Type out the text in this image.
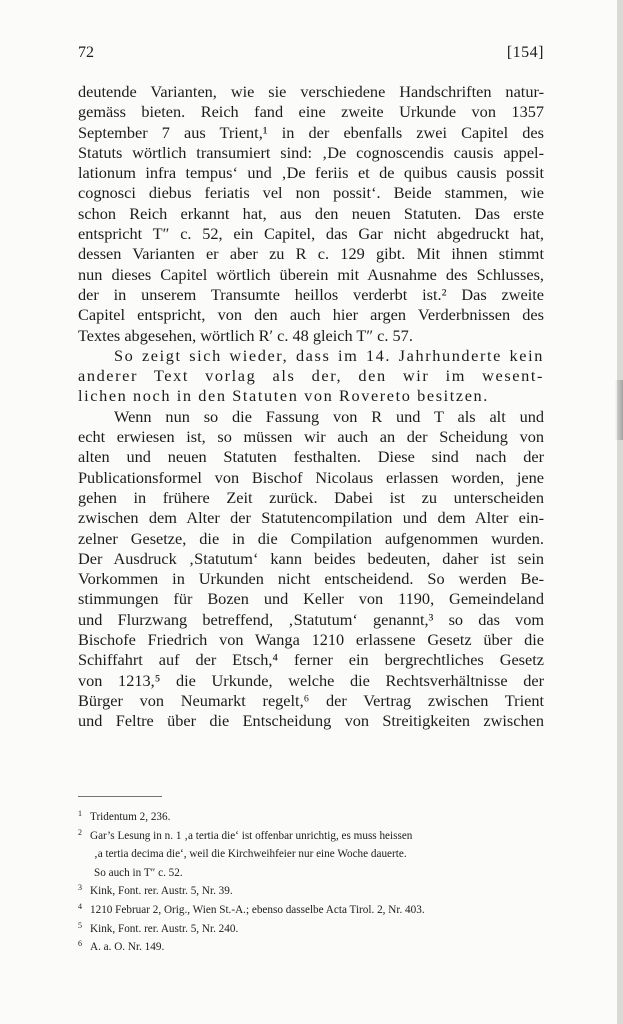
72	[154]
deutende Varianten, wie sie verschiedene Handschriften natur-
gemäss bieten. Reich fand eine zweite Urkunde von 1357
September 7 aus Trient,¹ in der ebenfalls zwei Capitel des
Statuts wörtlich transumiert sind: ‚De cognoscendis causis appel-
lationum infra tempus‘ und ‚De feriis et de quibus causis possit
cognosci diebus feriatis vel non possit‘. Beide stammen, wie
schon Reich erkannt hat, aus den neuen Statuten. Das erste
entspricht T″ c. 52, ein Capitel, das Gar nicht abgedruckt hat,
dessen Varianten er aber zu R c. 129 gibt. Mit ihnen stimmt
nun dieses Capitel wörtlich überein mit Ausnahme des Schlusses,
der in unserem Transumte heillos verderbt ist.² Das zweite
Capitel entspricht, von den auch hier argen Verderbnissen des
Textes abgesehen, wörtlich R′ c. 48 gleich T″ c. 57.
So zeigt sich wieder, dass im 14. Jahrhunderte kein
anderer Text vorlag als der, den wir im wesent-
lichen noch in den Statuten von Rovereto besitzen.
Wenn nun so die Fassung von R und T als alt und
echt erwiesen ist, so müssen wir auch an der Scheidung von
alten und neuen Statuten festhalten. Diese sind nach der
Publicationsformel von Bischof Nicolaus erlassen worden, jene
gehen in frühere Zeit zurück. Dabei ist zu unterscheiden
zwischen dem Alter der Statutencompilation und dem Alter ein-
zelner Gesetze, die in die Compilation aufgenommen wurden.
Der Ausdruck ‚Statutum‘ kann beides bedeuten, daher ist sein
Vorkommen in Urkunden nicht entscheidend. So werden Be-
stimmungen für Bozen und Keller von 1190, Gemeindeland
und Flurzwang betreffend, ‚Statutum‘ genannt,³ so das vom
Bischofe Friedrich von Wanga 1210 erlassene Gesetz über die
Schiffahrt auf der Etsch,⁴ ferner ein bergrechtliches Gesetz
von 1213,⁵ die Urkunde, welche die Rechtsverhältnisse der
Bürger von Neumarkt regelt,⁶ der Vertrag zwischen Trient
und Feltre über die Entscheidung von Streitigkeiten zwischen
1 Tridentum 2, 236.
2 Gar’s Lesung in n. 1 ‚a tertia die‘ ist offenbar unrichtig, es muss heissen
‚a tertia decima die‘, weil die Kirchweihfeier nur eine Woche dauerte.
So auch in T″ c. 52.
3 Kink, Font. rer. Austr. 5, Nr. 39.
4 1210 Februar 2, Orig., Wien St.-A.; ebenso dasselbe Acta Tirol. 2, Nr. 403.
5 Kink, Font. rer. Austr. 5, Nr. 240.
6 A. a. O. Nr. 149.
